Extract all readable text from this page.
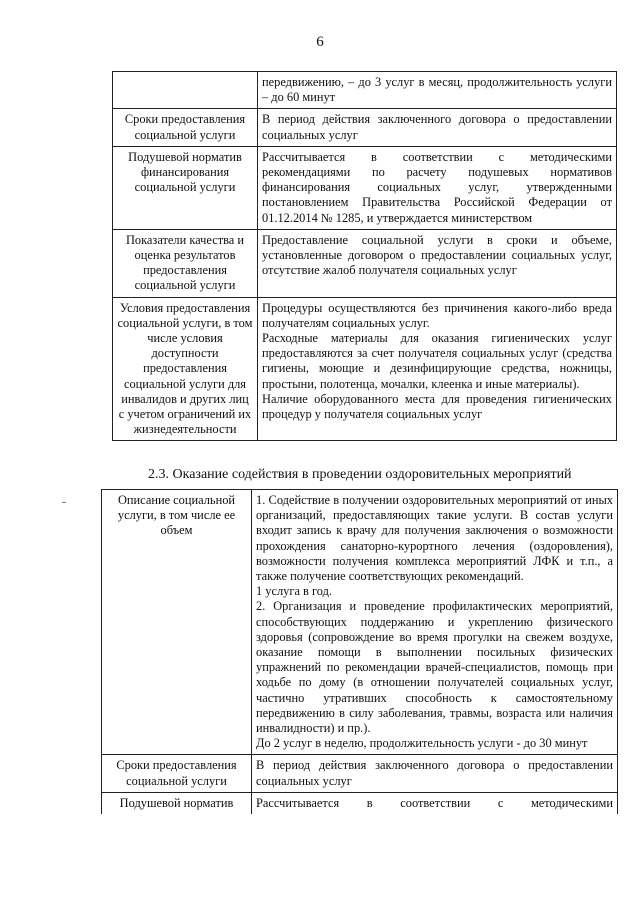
6
	передвижению, – до 3 услуг в месяц, продолжительность услуги – до 60 минут
Сроки предоставления социальной услуги	В период действия заключенного договора о предоставлении социальных услуг
Подушевой норматив финансирования социальной услуги	Рассчитывается в соответствии с методическими рекомендациями по расчету подушевых нормативов финансирования социальных услуг, утвержденными постановлением Правительства Российской Федерации от 01.12.2014 № 1285, и утверждается министерством
Показатели качества и оценка результатов предоставления социальной услуги	Предоставление социальной услуги в сроки и объеме, установленные договором о предоставлении социальных услуг, отсутствие жалоб получателя социальных услуг
Условия предоставления социальной услуги, в том числе условия доступности предоставления социальной услуги для инвалидов и других лиц с учетом ограничений их жизнедеятельности	Процедуры осуществляются без причинения какого-либо вреда получателям социальных услуг.
Расходные материалы для оказания гигиенических услуг предоставляются за счет получателя социальных услуг (средства гигиены, моющие и дезинфицирующие средства, ножницы, простыни, полотенца, мочалки, клеенка и иные материалы).
Наличие оборудованного места для проведения гигиенических процедур у получателя социальных услуг
2.3. Оказание содействия в проведении оздоровительных мероприятий
Описание социальной услуги, в том числе ее объем	1. Содействие в получении оздоровительных мероприятий от иных организаций, предоставляющих такие услуги. В состав услуги входит запись к врачу для получения заключения о возможности прохождения санаторно-курортного лечения (оздоровления), возможности получения комплекса мероприятий ЛФК и т.п., а также получение соответствующих рекомендаций.
1 услуга в год.
2. Организация и проведение профилактических мероприятий, способствующих поддержанию и укреплению физического здоровья (сопровождение во время прогулки на свежем воздухе, оказание помощи в выполнении посильных физических упражнений по рекомендации врачей-специалистов, помощь при ходьбе по дому (в отношении получателей социальных услуг, частично утративших способность к самостоятельному передвижению в силу заболевания, травмы, возраста или наличия инвалидности) и пр.).
До 2 услуг в неделю, продолжительность услуги - до 30 минут

Сроки предоставления социальной услуги	В период действия заключенного договора о предоставлении социальных услуг
Подушевой норматив	Рассчитывается в соответствии с методическими
